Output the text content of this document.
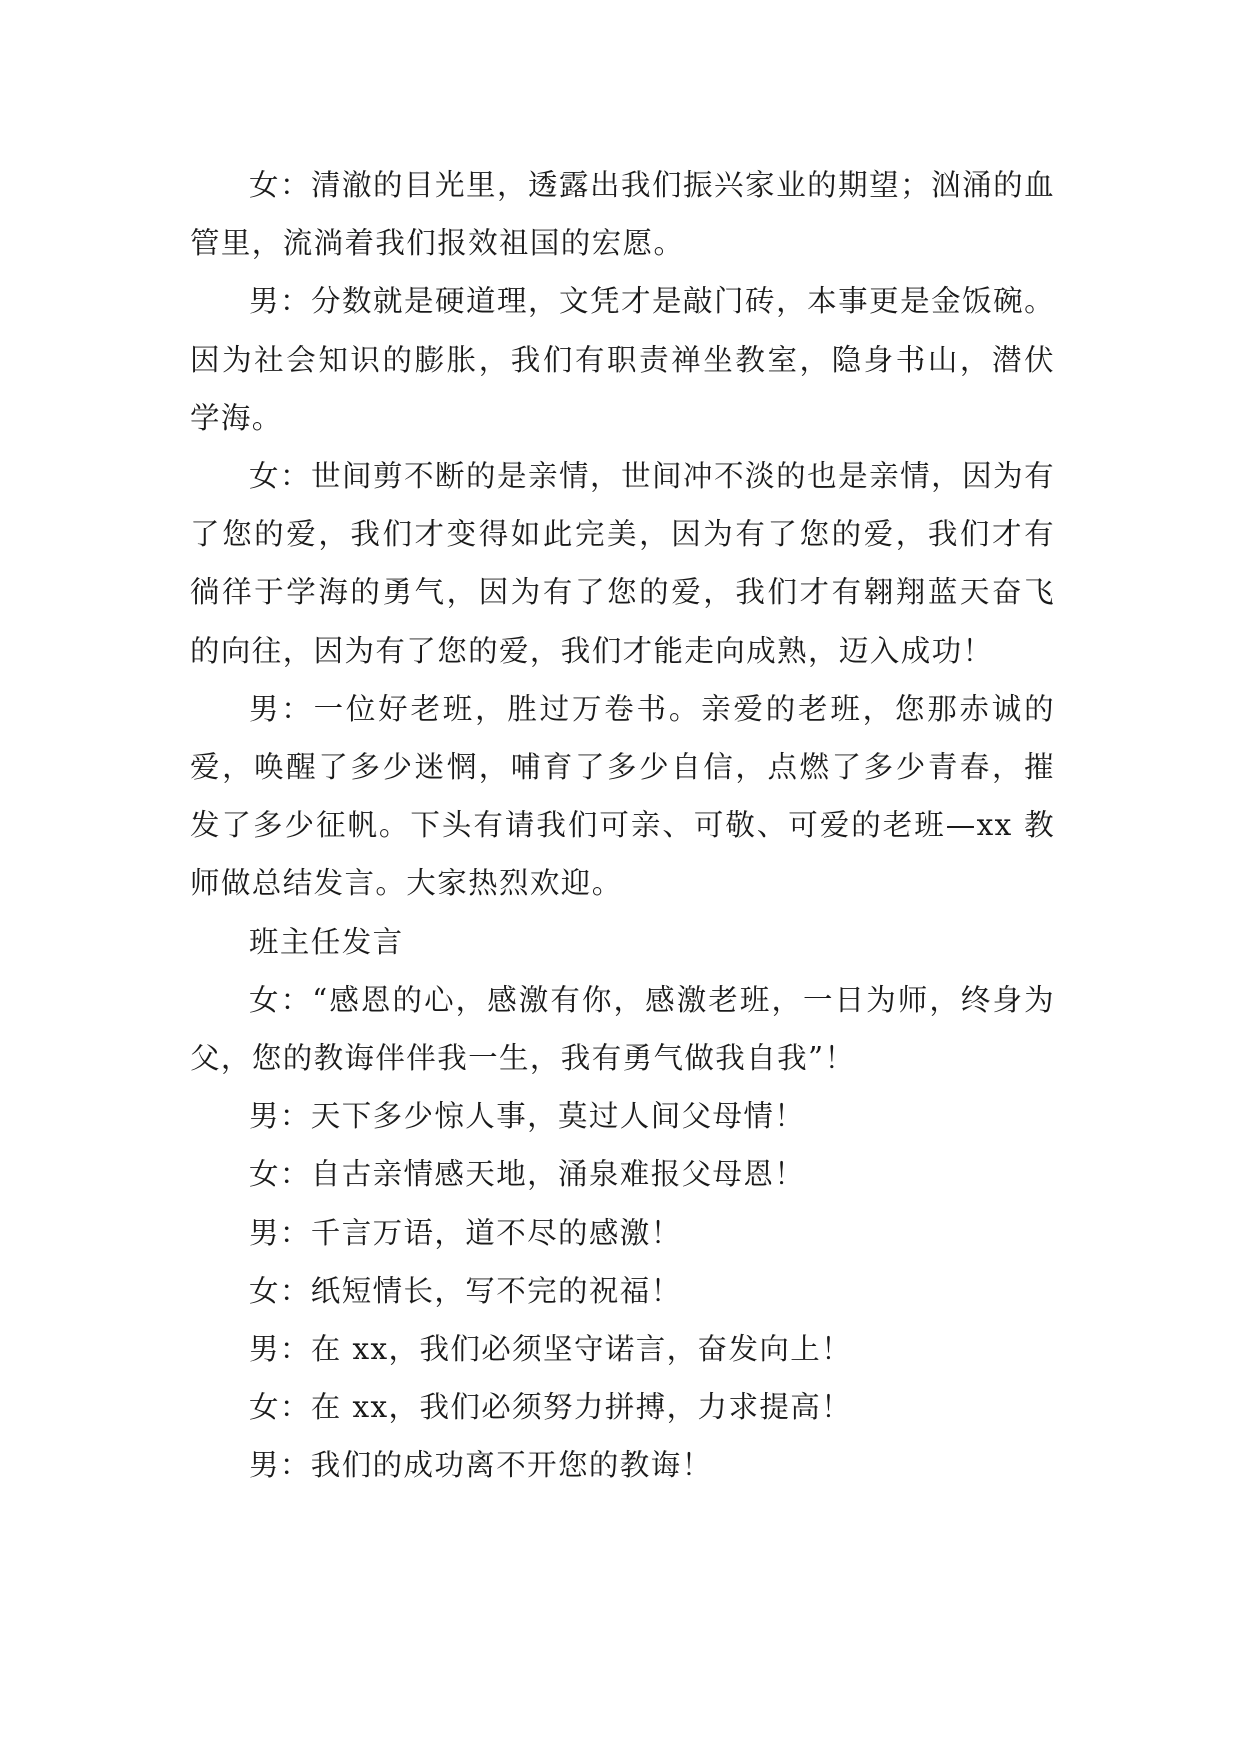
女：清澈的目光里，透露出我们振兴家业的期望；汹涌的血管里，流淌着我们报效祖国的宏愿。

男：分数就是硬道理，文凭才是敲门砖，本事更是金饭碗。因为社会知识的膨胀，我们有职责禅坐教室，隐身书山，潜伏学海。

女：世间剪不断的是亲情，世间冲不淡的也是亲情，因为有了您的爱，我们才变得如此完美，因为有了您的爱，我们才有徜徉于学海的勇气，因为有了您的爱，我们才有翱翔蓝天奋飞的向往，因为有了您的爱，我们才能走向成熟，迈入成功！

男：一位好老班，胜过万卷书。亲爱的老班，您那赤诚的爱，唤醒了多少迷惘，哺育了多少自信，点燃了多少青春，摧发了多少征帆。下头有请我们可亲、可敬、可爱的老班—xx 教师做总结发言。大家热烈欢迎。

班主任发言

女：“感恩的心，感激有你，感激老班，一日为师，终身为父，您的教诲伴伴我一生，我有勇气做我自我”！

男：天下多少惊人事，莫过人间父母情！

女：自古亲情感天地，涌泉难报父母恩！

男：千言万语，道不尽的感激！

女：纸短情长，写不完的祝福！

男：在 xx，我们必须坚守诺言，奋发向上！

女：在 xx，我们必须努力拼搏，力求提高！

男：我们的成功离不开您的教诲！
